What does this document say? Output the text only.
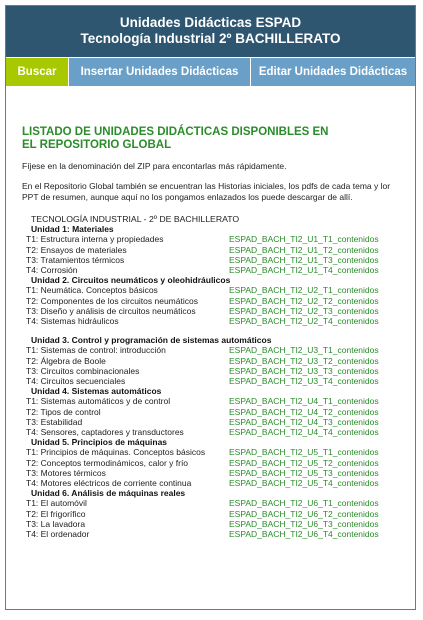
Unidades Didácticas ESPAD
Tecnología Industrial 2º BACHILLERATO
Buscar	Insertar Unidades Didácticas	Editar Unidades Didácticas

LISTADO DE UNIDADES DIDÁCTICAS DISPONIBLES EN EL REPOSITORIO GLOBAL

Fíjese en la denominación del ZIP para encontarlas más rápidamente.

En el Repositorio Global también se encuentran las Historias iniciales, los pdfs de cada tema y lor PPT de resumen, aunque aquí no los pongamos enlazados los puede descargar de allí.

TECNOLOGÍA INDUSTRIAL - 2º DE BACHILLERATO
Unidad 1: Materiales
T1: Estructura interna y propiedades	ESPAD_BACH_TI2_U1_T1_contenidos
T2: Ensayos de materiales	ESPAD_BACH_TI2_U1_T2_contenidos
T3: Tratamientos térmicos	ESPAD_BACH_TI2_U1_T3_contenidos
T4: Corrosión	ESPAD_BACH_TI2_U1_T4_contenidos
Unidad 2. Circuitos neumáticos y oleohidráulicos
T1: Neumática. Conceptos básicos	ESPAD_BACH_TI2_U2_T1_contenidos
T2: Componentes de los circuitos neumáticos	ESPAD_BACH_TI2_U2_T2_contenidos
T3: Diseño y análisis de circuitos neumáticos	ESPAD_BACH_TI2_U2_T3_contenidos
T4: Sistemas hidráulicos	ESPAD_BACH_TI2_U2_T4_contenidos
Unidad 3. Control y programación de sistemas automáticos
T1: Sistemas de control: introducción	ESPAD_BACH_TI2_U3_T1_contenidos
T2: Álgebra de Boole	ESPAD_BACH_TI2_U3_T2_contenidos
T3: Circuitos combinacionales	ESPAD_BACH_TI2_U3_T3_contenidos
T4: Circuitos secuenciales	ESPAD_BACH_TI2_U3_T4_contenidos
Unidad 4. Sistemas automáticos
T1: Sistemas automáticos y de control	ESPAD_BACH_TI2_U4_T1_contenidos
T2: Tipos de control	ESPAD_BACH_TI2_U4_T2_contenidos
T3: Estabilidad	ESPAD_BACH_TI2_U4_T3_contenidos
T4: Sensores, captadores y transductores	ESPAD_BACH_TI2_U4_T4_contenidos
Unidad 5. Principios de máquinas
T1: Principios de máquinas. Conceptos básicos	ESPAD_BACH_TI2_U5_T1_contenidos
T2: Conceptos termodinámicos, calor y frío	ESPAD_BACH_TI2_U5_T2_contenidos
T3: Motores térmicos	ESPAD_BACH_TI2_U5_T3_contenidos
T4: Motores eléctricos de corriente continua	ESPAD_BACH_TI2_U5_T4_contenidos
Unidad 6. Análisis de máquinas reales
T1: El automóvil	ESPAD_BACH_TI2_U6_T1_contenidos
T2: El frigorífico	ESPAD_BACH_TI2_U6_T2_contenidos
T3: La lavadora	ESPAD_BACH_TI2_U6_T3_contenidos
T4: El ordenador	ESPAD_BACH_TI2_U6_T4_contenidos
